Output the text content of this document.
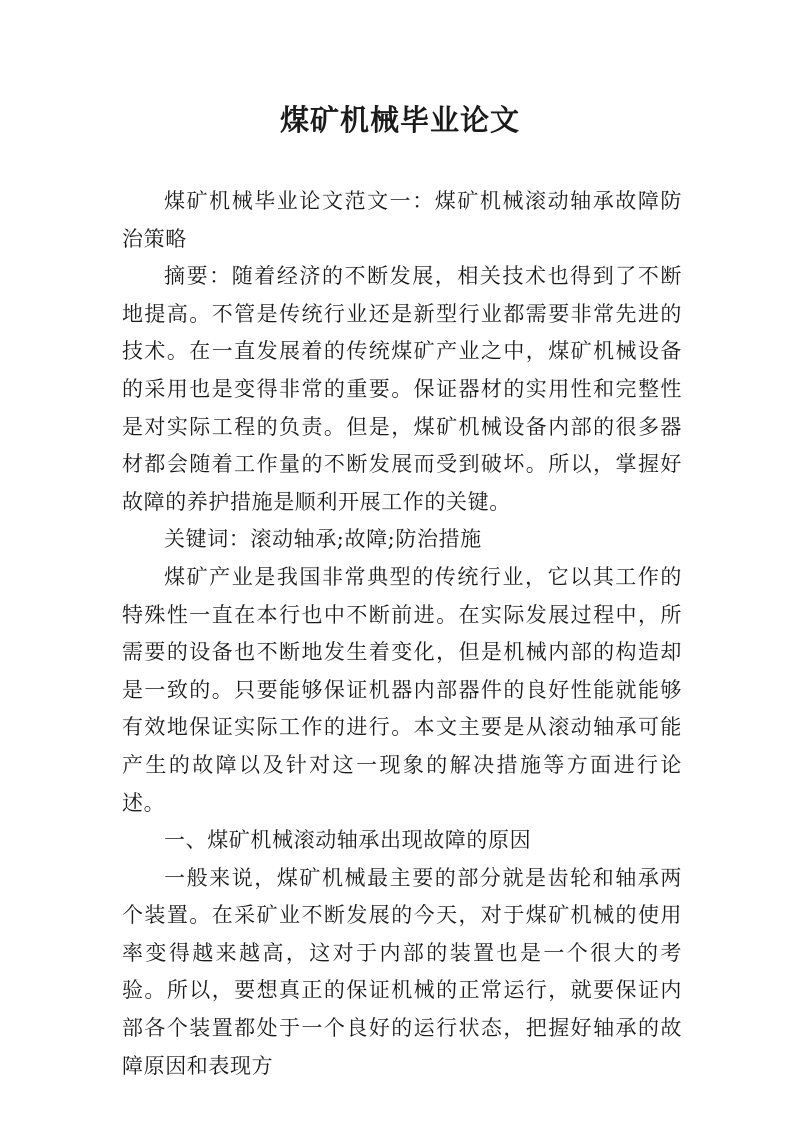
煤矿机械毕业论文

煤矿机械毕业论文范文一：煤矿机械滚动轴承故障防治策略

摘要：随着经济的不断发展，相关技术也得到了不断地提高。不管是传统行业还是新型行业都需要非常先进的技术。在一直发展着的传统煤矿产业之中，煤矿机械设备的采用也是变得非常的重要。保证器材的实用性和完整性是对实际工程的负责。但是，煤矿机械设备内部的很多器材都会随着工作量的不断发展而受到破坏。所以，掌握好故障的养护措施是顺利开展工作的关键。

关键词：滚动轴承;故障;防治措施

煤矿产业是我国非常典型的传统行业，它以其工作的特殊性一直在本行也中不断前进。在实际发展过程中，所需要的设备也不断地发生着变化，但是机械内部的构造却是一致的。只要能够保证机器内部器件的良好性能就能够有效地保证实际工作的进行。本文主要是从滚动轴承可能产生的故障以及针对这一现象的解决措施等方面进行论述。

一、煤矿机械滚动轴承出现故障的原因

一般来说，煤矿机械最主要的部分就是齿轮和轴承两个装置。在采矿业不断发展的今天，对于煤矿机械的使用率变得越来越高，这对于内部的装置也是一个很大的考验。所以，要想真正的保证机械的正常运行，就要保证内部各个装置都处于一个良好的运行状态，把握好轴承的故障原因和表现方
